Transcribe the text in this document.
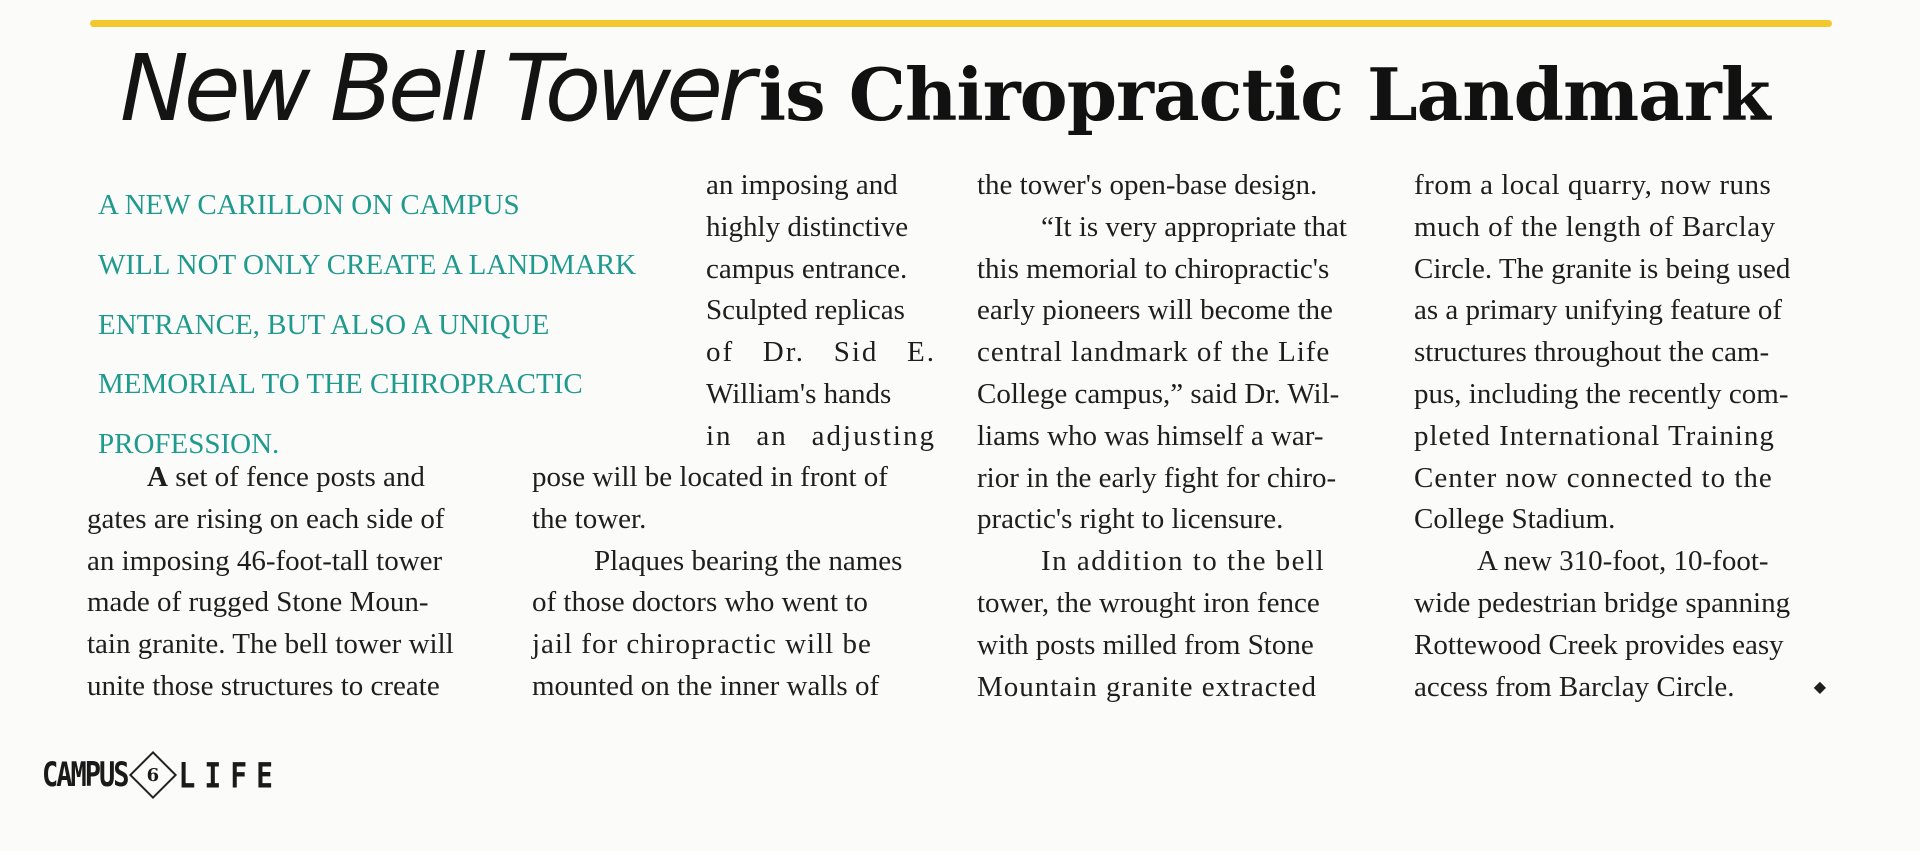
New Bell Tower is Chiropractic Landmark
A NEW CARILLON ON CAMPUS
WILL NOT ONLY CREATE A LANDMARK
ENTRANCE, BUT ALSO A UNIQUE
MEMORIAL TO THE CHIROPRACTIC
PROFESSION.
A set of fence posts and
gates are rising on each side of
an imposing 46-foot-tall tower
made of rugged Stone Moun-
tain granite. The bell tower will
unite those structures to create
an imposing and
highly distinctive
campus entrance.
Sculpted replicas
of Dr. Sid E.
William's hands
in an adjusting
pose will be located in front of
the tower.
Plaques bearing the names
of those doctors who went to
jail for chiropractic will be
mounted on the inner walls of
the tower's open-base design.
“It is very appropriate that
this memorial to chiropractic's
early pioneers will become the
central landmark of the Life
College campus,” said Dr. Wil-
liams who was himself a war-
rior in the early fight for chiro-
practic's right to licensure.
In addition to the bell
tower, the wrought iron fence
with posts milled from Stone
Mountain granite extracted
from a local quarry, now runs
much of the length of Barclay
Circle. The granite is being used
as a primary unifying feature of
structures throughout the cam-
pus, including the recently com-
pleted International Training
Center now connected to the
College Stadium.
A new 310-foot, 10-foot-
wide pedestrian bridge spanning
Rottewood Creek provides easy
access from Barclay Circle.	◆
CAMPUS 6 LIFE
